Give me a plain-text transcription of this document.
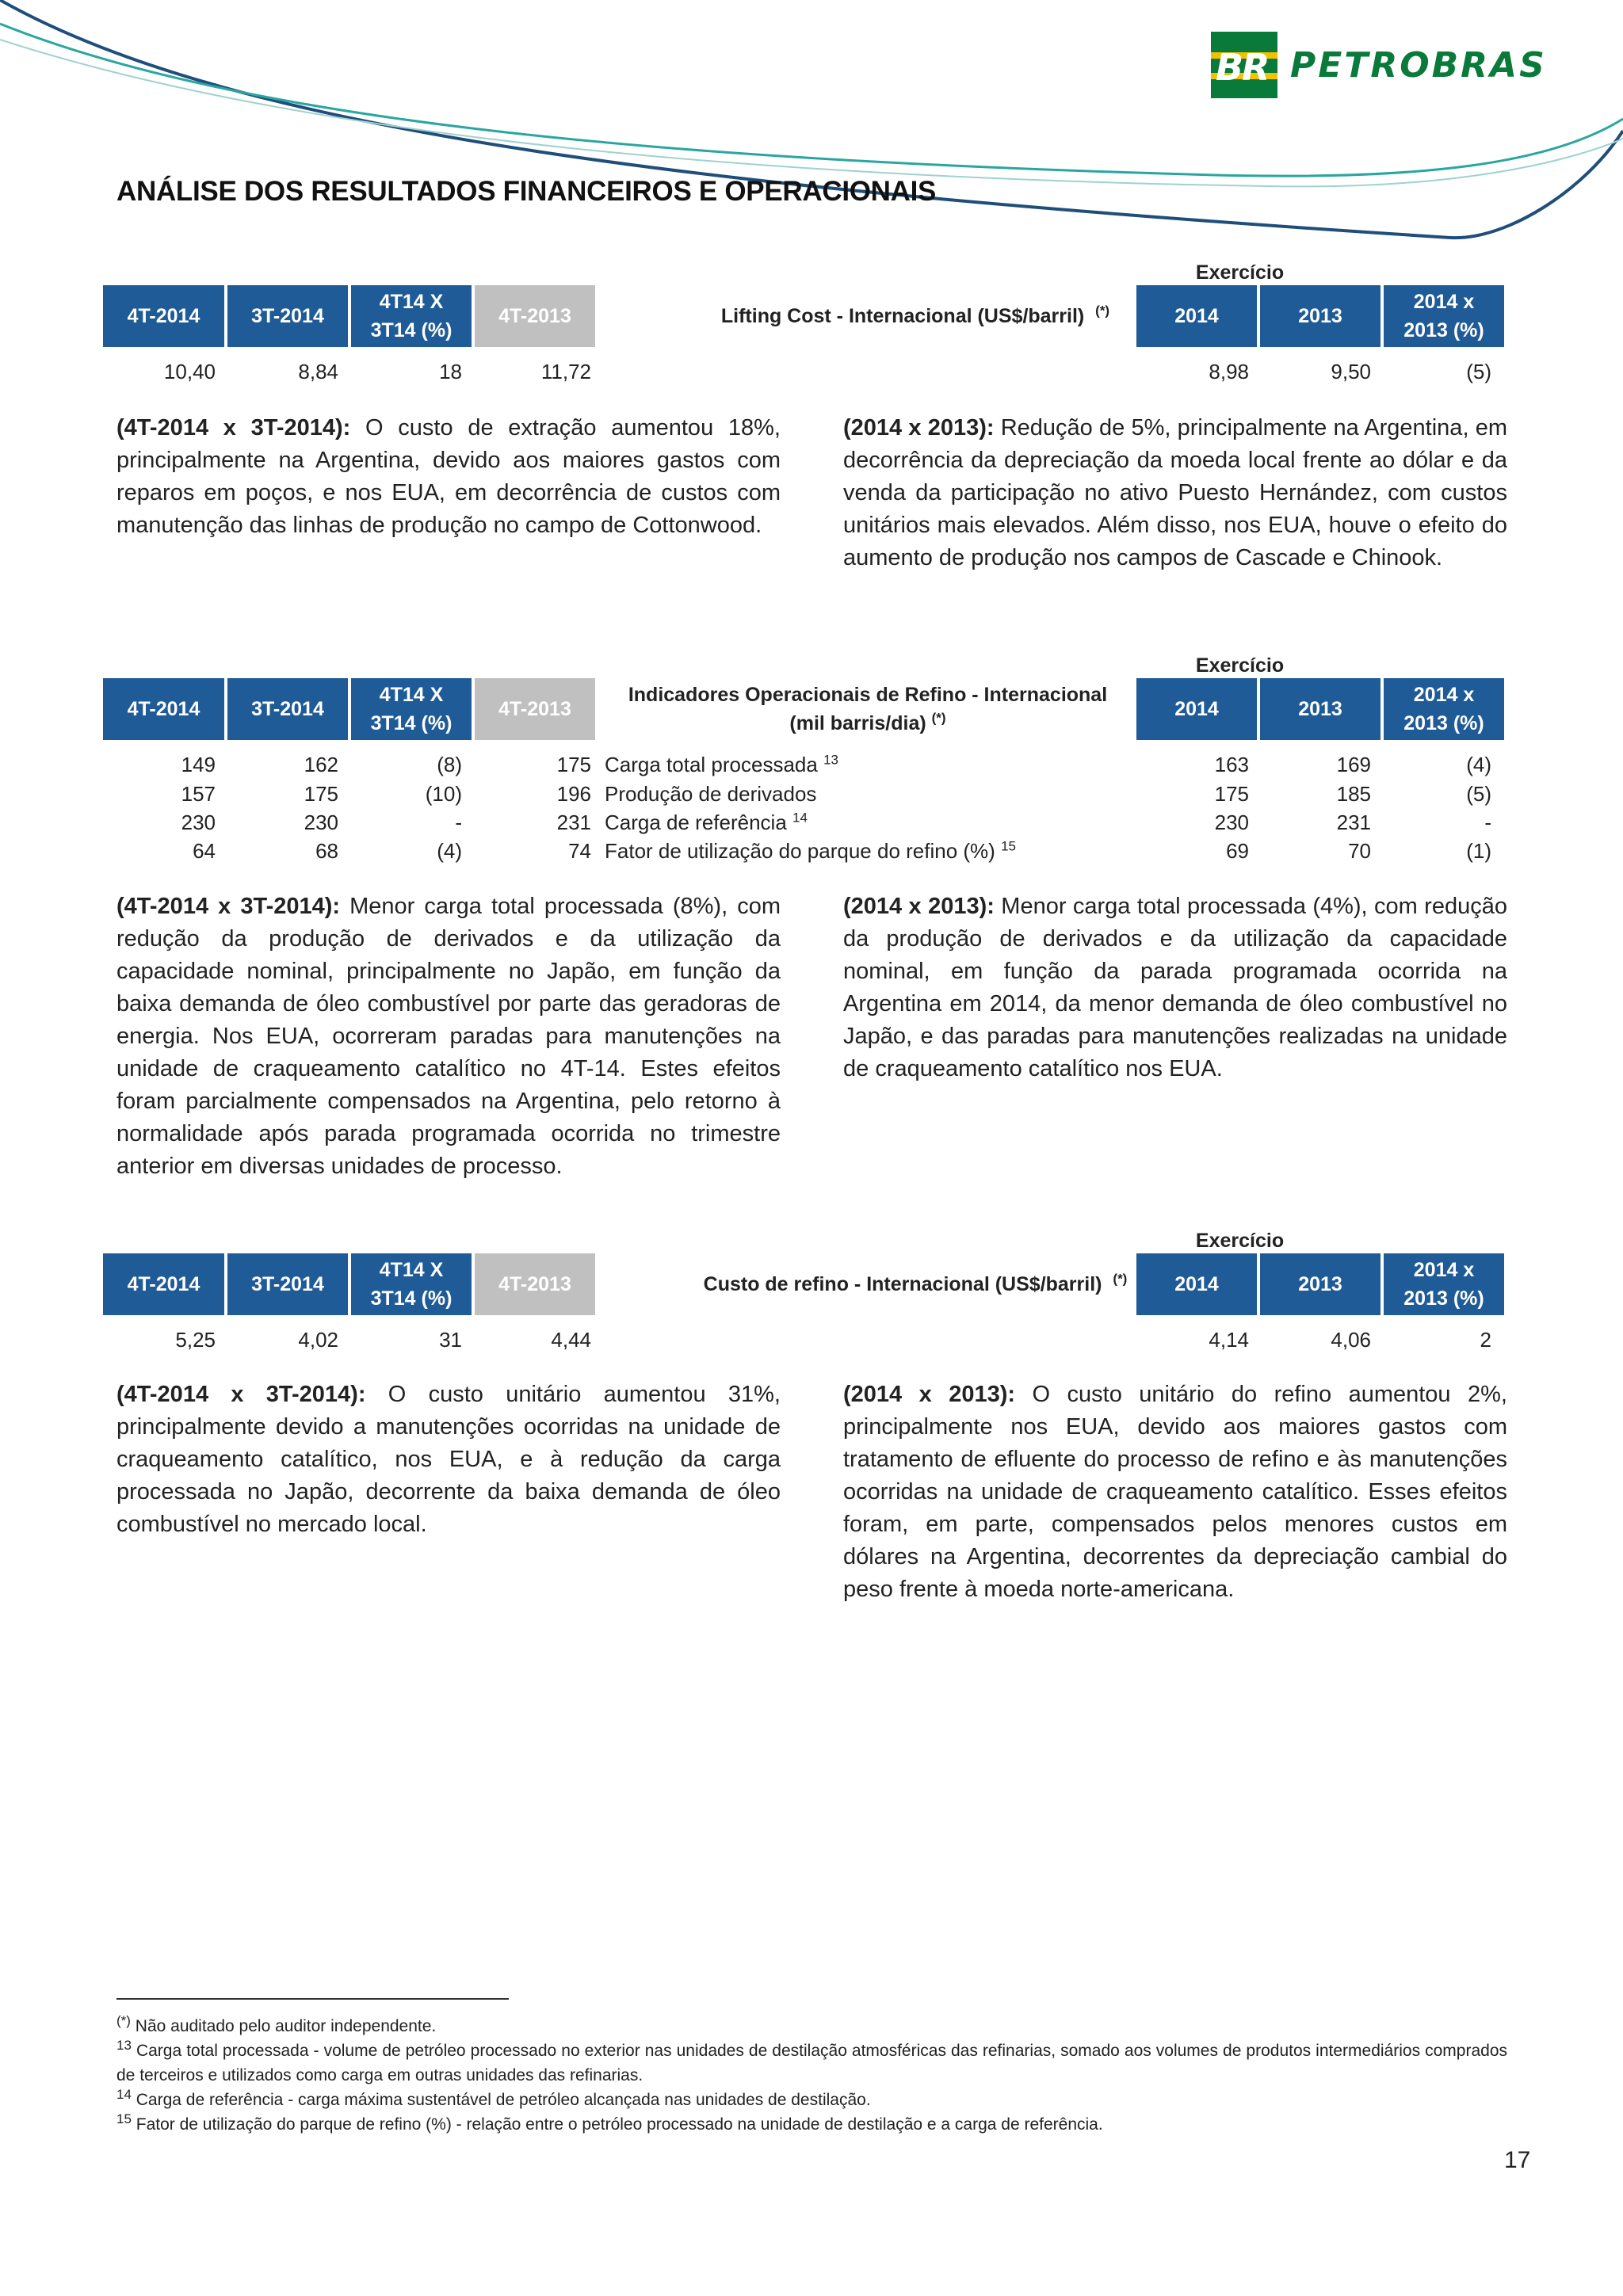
BR PETROBRAS
ANÁLISE DOS RESULTADOS FINANCEIROS E OPERACIONAIS
Exercício
4T-2014	3T-2014
4T14 X
3T14 (%)
4T-2013	Lifting Cost - Internacional (US$/barril) (*)	2014	2013
2014 x
2013 (%)
10,40	8,84	18	11,72	8,98	9,50	(5)

(4T-2014 x 3T-2014): O custo de extração aumentou 18%, principalmente na Argentina, devido aos maiores gastos com reparos em poços, e nos EUA, em decorrência de custos com manutenção das linhas de produção no campo de Cottonwood.

(2014 x 2013): Redução de 5%, principalmente na Argentina, em decorrência da depreciação da moeda local frente ao dólar e da venda da participação no ativo Puesto Hernández, com custos unitários mais elevados. Além disso, nos EUA, houve o efeito do aumento de produção nos campos de Cascade e Chinook.

Exercício
4T-2014	3T-2014
4T14 X
3T14 (%)
4T-2013
Indicadores Operacionais de Refino - Internacional
(mil barris/dia) (*)	2014	2013
2014 x
2013 (%)
149	162	(8)	175 Carga total processada $^{13}$	163	169	(4)
157	175	(10)	196 Produção de derivados	175	185	(5)
230	230	-	231 Carga de referência $^{14}$	230	231	-
64	68	(4)	74 Fator de utilização do parque do refino (%) $^{15}$	69	70	(1)

(4T-2014 x 3T-2014): Menor carga total processada (8%), com redução da produção de derivados e da utilização da capacidade nominal, principalmente no Japão, em função da baixa demanda de óleo combustível por parte das geradoras de energia. Nos EUA, ocorreram paradas para manutenções na unidade de craqueamento catalítico no 4T-14. Estes efeitos foram parcialmente compensados na Argentina, pelo retorno à normalidade após parada programada ocorrida no trimestre anterior em diversas unidades de processo.

(2014 x 2013): Menor carga total processada (4%), com redução da produção de derivados e da utilização da capacidade nominal, em função da parada programada ocorrida na Argentina em 2014, da menor demanda de óleo combustível no Japão, e das paradas para manutenções realizadas na unidade de craqueamento catalítico nos EUA.

Exercício
4T-2014	3T-2014
4T14 X
3T14 (%)
4T-2013	Custo de refino - Internacional (US$/barril) (*)	2014	2013
2014 x
2013 (%)
5,25	4,02	31	4,44	4,14	4,06	2

(4T-2014 x 3T-2014): O custo unitário aumentou 31%, principalmente devido a manutenções ocorridas na unidade de craqueamento catalítico, nos EUA, e à redução da carga processada no Japão, decorrente da baixa demanda de óleo combustível no mercado local.

(2014 x 2013): O custo unitário do refino aumentou 2%, principalmente nos EUA, devido aos maiores gastos com tratamento de efluente do processo de refino e às manutenções ocorridas na unidade de craqueamento catalítico. Esses efeitos foram, em parte, compensados pelos menores custos em dólares na Argentina, decorrentes da depreciação cambial do peso frente à moeda norte-americana.

(*) Não auditado pelo auditor independente.

$^{13}$ Carga total processada - volume de petróleo processado no exterior nas unidades de destilação atmosféricas das refinarias, somado aos volumes de produtos intermediários comprados de terceiros e utilizados como carga em outras unidades das refinarias.

$^{14}$ Carga de referência - carga máxima sustentável de petróleo alcançada nas unidades de destilação.

$^{15}$ Fator de utilização do parque de refino (%) - relação entre o petróleo processado na unidade de destilação e a carga de referência.

17
